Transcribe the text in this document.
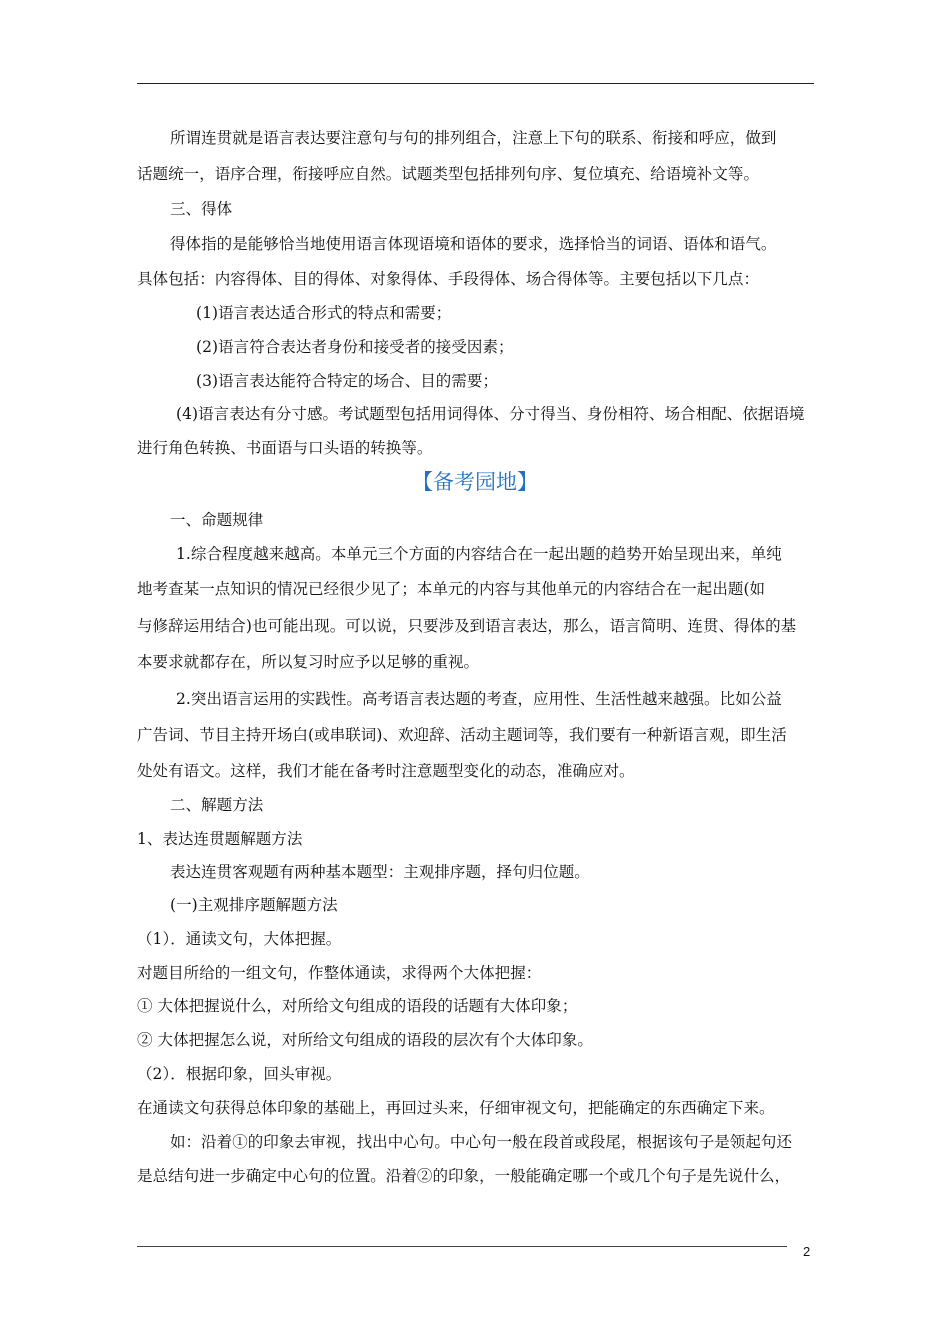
所谓连贯就是语言表达要注意句与句的排列组合，注意上下句的联系、衔接和呼应，做到
话题统一，语序合理，衔接呼应自然。试题类型包括排列句序、复位填充、给语境补文等。
三、得体
得体指的是能够恰当地使用语言体现语境和语体的要求，选择恰当的词语、语体和语气。
具体包括：内容得体、目的得体、对象得体、手段得体、场合得体等。主要包括以下几点：
(1)语言表达适合形式的特点和需要；
(2)语言符合表达者身份和接受者的接受因素；
(3)语言表达能符合特定的场合、目的需要；
(4)语言表达有分寸感。考试题型包括用词得体、分寸得当、身份相符、场合相配、依据语境
进行角色转换、书面语与口头语的转换等。
【备考园地】
一、命题规律
1.综合程度越来越高。本单元三个方面的内容结合在一起出题的趋势开始呈现出来，单纯
地考查某一点知识的情况已经很少见了；本单元的内容与其他单元的内容结合在一起出题(如
与修辞运用结合)也可能出现。可以说，只要涉及到语言表达，那么，语言简明、连贯、得体的基
本要求就都存在，所以复习时应予以足够的重视。
2.突出语言运用的实践性。高考语言表达题的考查，应用性、生活性越来越强。比如公益
广告词、节目主持开场白(或串联词)、欢迎辞、活动主题词等，我们要有一种新语言观，即生活
处处有语文。这样，我们才能在备考时注意题型变化的动态，准确应对。
二、解题方法
1、表达连贯题解题方法
表达连贯客观题有两种基本题型：主观排序题，择句归位题。
(一)主观排序题解题方法
（1）．通读文句，大体把握。
对题目所给的一组文句，作整体通读，求得两个大体把握：
① 大体把握说什么，对所给文句组成的语段的话题有大体印象；
② 大体把握怎么说，对所给文句组成的语段的层次有个大体印象。
（2）．根据印象，回头审视。
在通读文句获得总体印象的基础上，再回过头来，仔细审视文句，把能确定的东西确定下来。
如：沿着①的印象去审视，找出中心句。中心句一般在段首或段尾，根据该句子是领起句还
是总结句进一步确定中心句的位置。沿着②的印象，一般能确定哪一个或几个句子是先说什么，
2
